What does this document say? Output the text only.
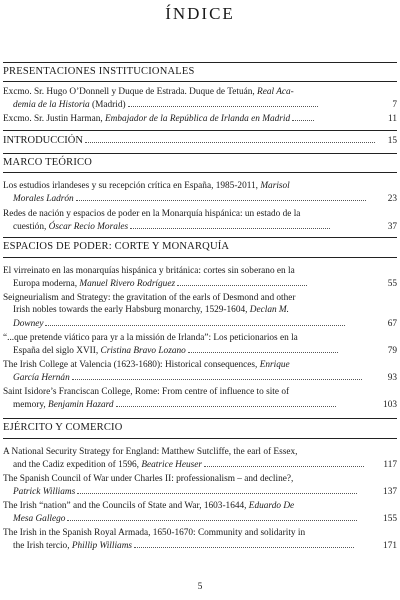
ÍNDICE
PRESENTACIONES INSTITUCIONALES
Excmo. Sr. Hugo O’Donnell y Duque de Estrada. Duque de Tetuán, Real Aca-
demia de la Historia (Madrid)	7
Excmo. Sr. Justin Harman, Embajador de la República de Irlanda en Madrid	11
INTRODUCCIÓN	15
MARCO TEÓRICO
Los estudios irlandeses y su recepción crítica en España, 1985-2011, Marisol
Morales Ladrón	23
Redes de nación y espacios de poder en la Monarquía hispánica: un estado de la
cuestión, Óscar Recio Morales	37
ESPACIOS DE PODER: CORTE Y MONARQUÍA
El virreinato en las monarquías hispánica y británica: cortes sin soberano en la
Europa moderna, Manuel Rivero Rodríguez	55
Seigneurialism and Strategy: the gravitation of the earls of Desmond and other
Irish nobles towards the early Habsburg monarchy, 1529-1604, Declan M.
Downey	67
“...que pretende viático para yr a la missión de Irlanda”: Los peticionarios en la
España del siglo XVII, Cristina Bravo Lozano	79
The Irish College at Valencia (1623-1680): Historical consequences, Enrique
García Hernán	93
Saint Isidore’s Franciscan College, Rome: From centre of influence to site of
memory, Benjamin Hazard	103
EJÉRCITO Y COMERCIO
A National Security Strategy for England: Matthew Sutcliffe, the earl of Essex,
and the Cadiz expedition of 1596, Beatrice Heuser	117
The Spanish Council of War under Charles II: professionalism – and decline?,
Patrick Williams	137
The Irish “nation” and the Councils of State and War, 1603-1644, Eduardo De
Mesa Gallego	155
The Irish in the Spanish Royal Armada, 1650-1670: Community and solidarity in
the Irish tercio, Phillip Williams	171
5
